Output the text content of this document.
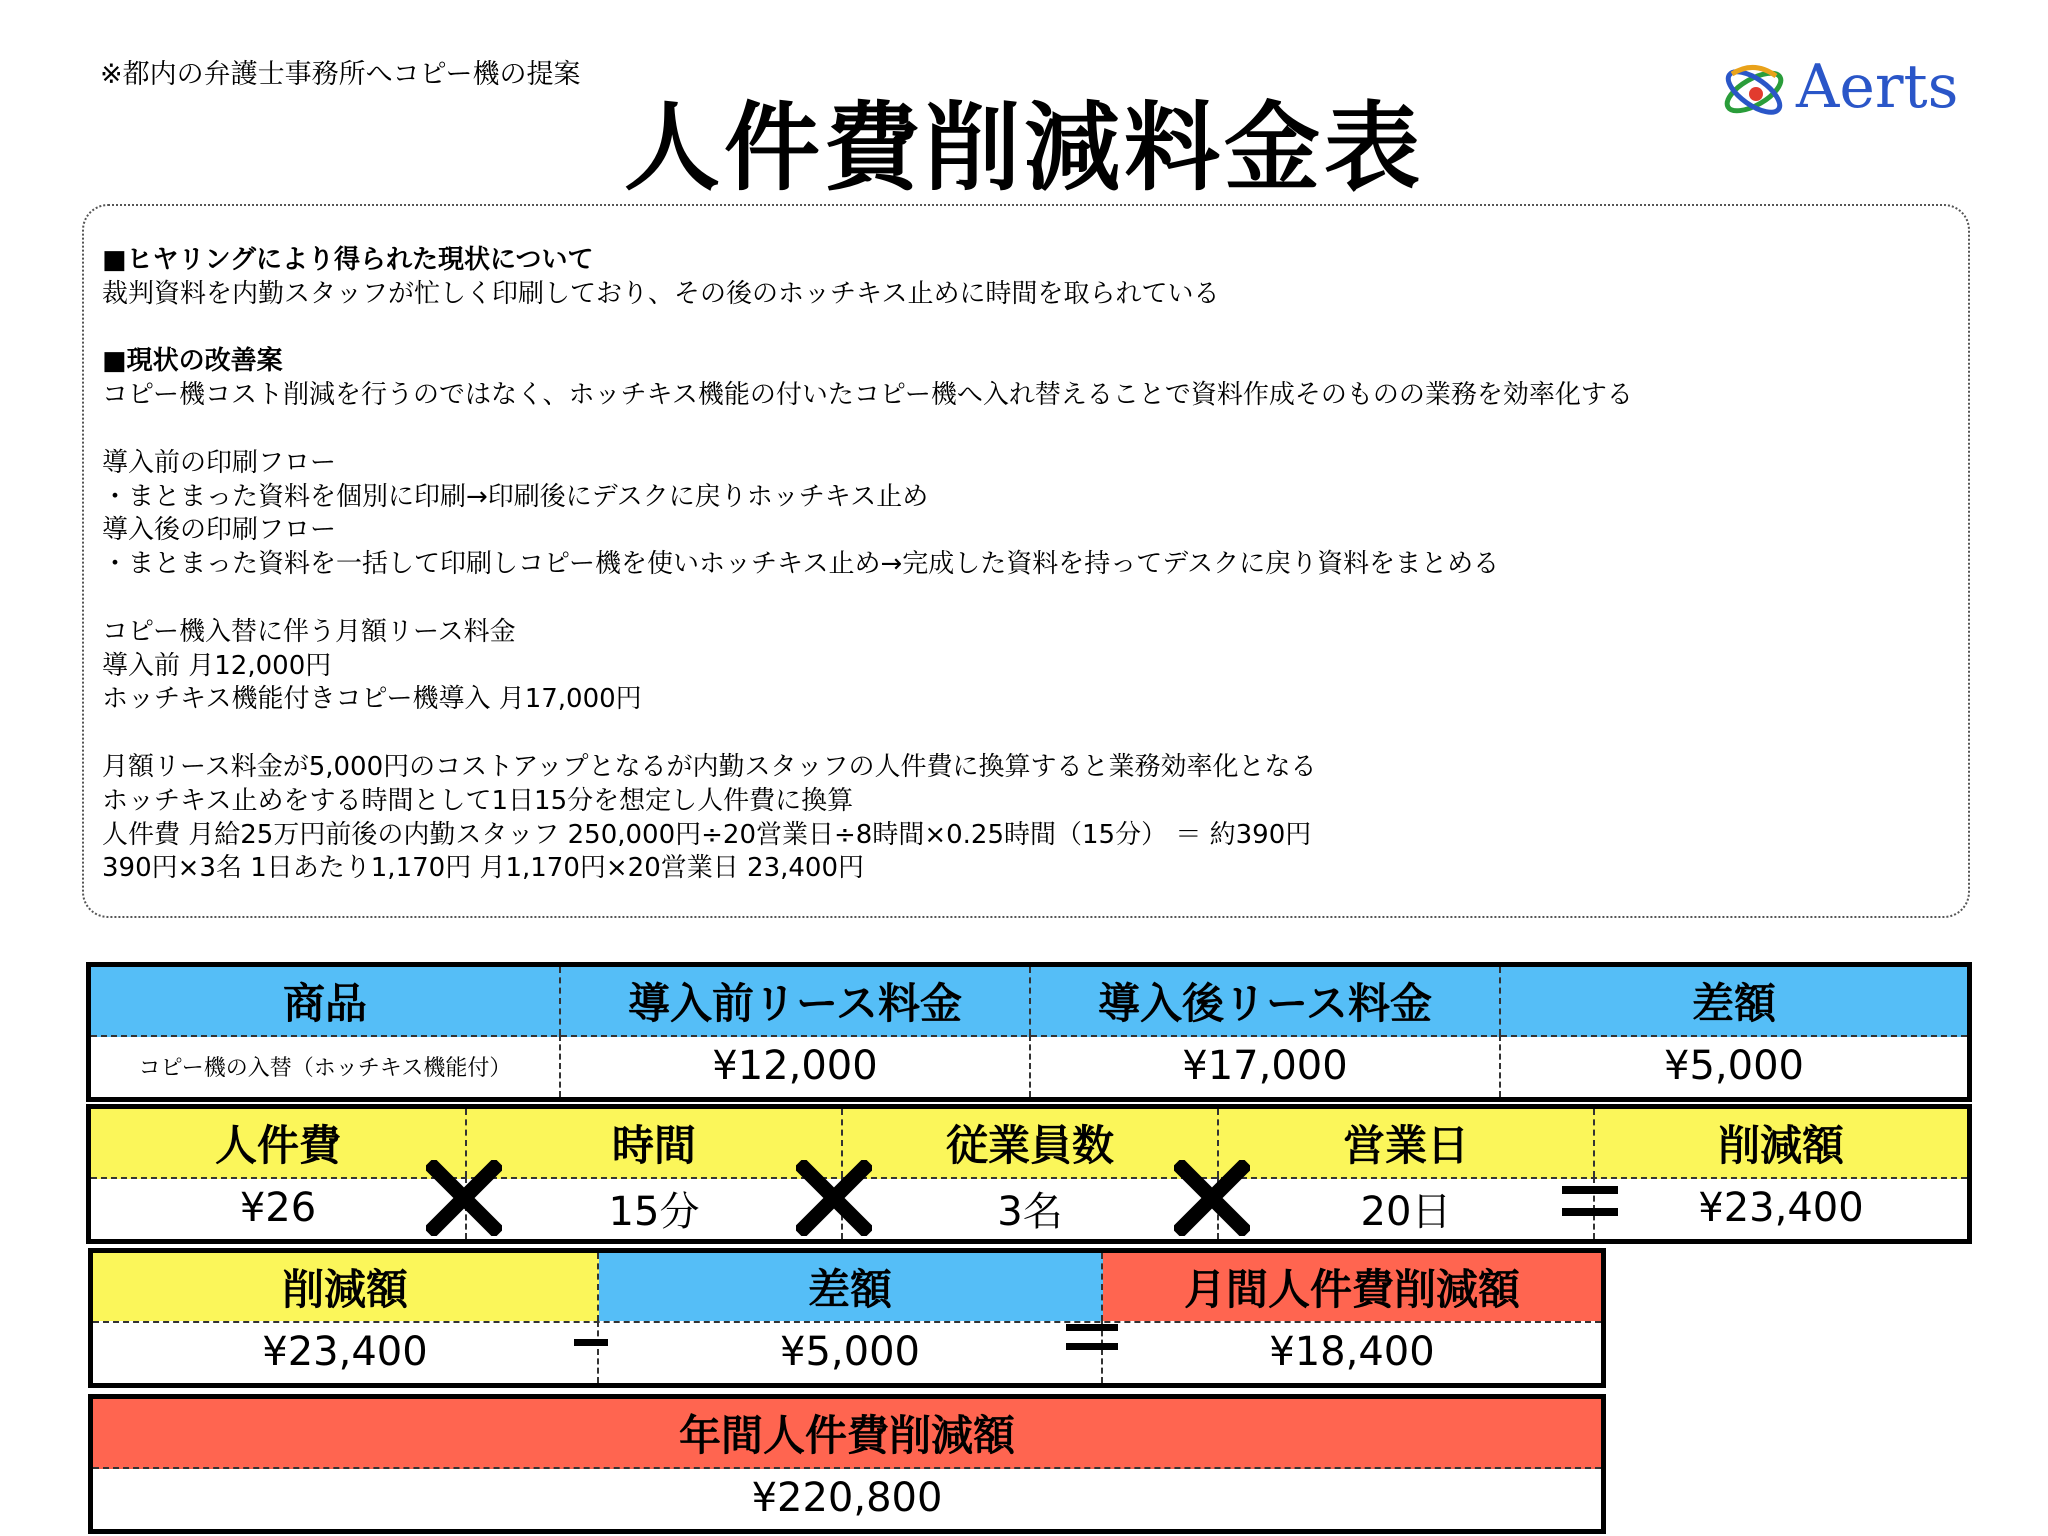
※都内の弁護士事務所へコピー機の提案
人件費削減料金表
Aerts
■ヒヤリングにより得られた現状について
裁判資料を内勤スタッフが忙しく印刷しており、その後のホッチキス止めに時間を取られている
■現状の改善案
コピー機コスト削減を行うのではなく、ホッチキス機能の付いたコピー機へ入れ替えることで資料作成そのものの業務を効率化する
導入前の印刷フロー
・まとまった資料を個別に印刷→印刷後にデスクに戻りホッチキス止め
導入後の印刷フロー
・まとまった資料を一括して印刷しコピー機を使いホッチキス止め→完成した資料を持ってデスクに戻り資料をまとめる
コピー機入替に伴う月額リース料金
導入前 月12,000円
ホッチキス機能付きコピー機導入 月17,000円
月額リース料金が5,000円のコストアップとなるが内勤スタッフの人件費に換算すると業務効率化となる
ホッチキス止めをする時間として1日15分を想定し人件費に換算
人件費 月給25万円前後の内勤スタッフ 250,000円÷20営業日÷8時間×0.25時間（15分） ＝ 約390円
390円×3名 1日あたり1,170円 月1,170円×20営業日 23,400円
商品	導入前リース料金	導入後リース料金	差額
コピー機の入替（ホッチキス機能付）	¥12,000	¥17,000	¥5,000
人件費	時間	従業員数	営業日	削減額
¥26	15分	3名	20日	¥23,400
削減額	差額	月間人件費削減額
¥23,400	¥5,000	¥18,400
年間人件費削減額
¥220,800
